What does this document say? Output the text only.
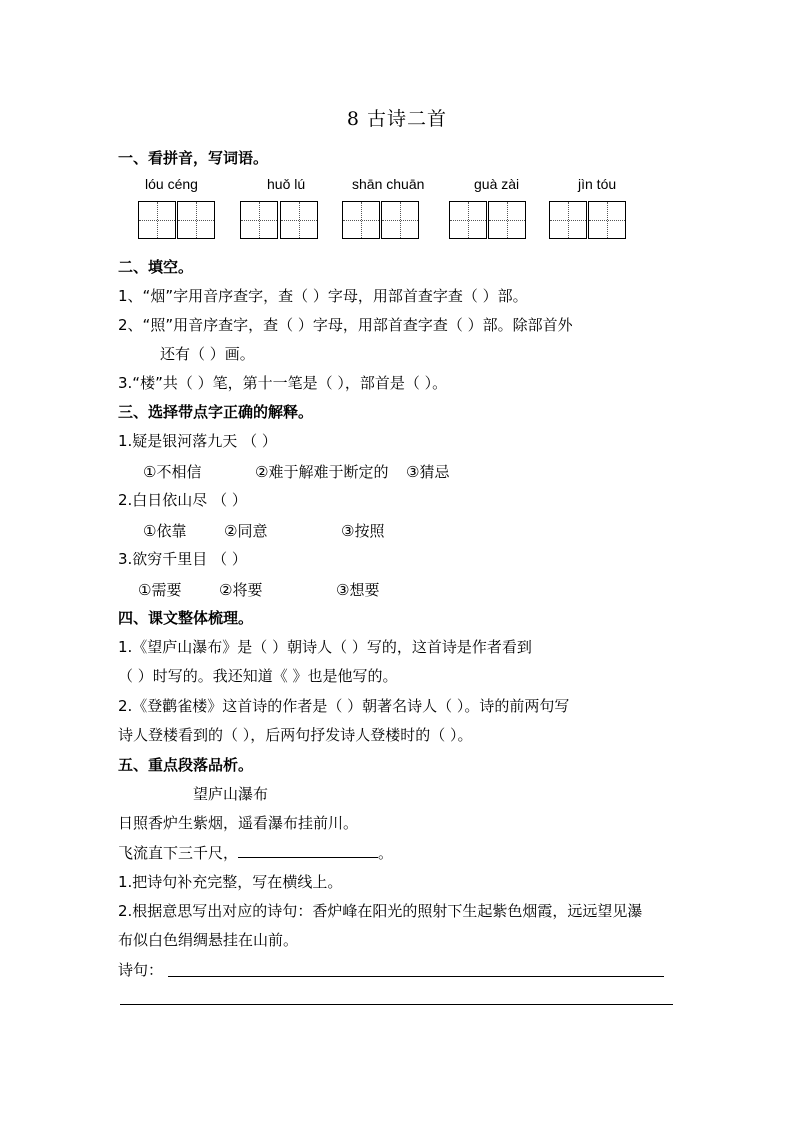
8 古诗二首
一、看拼音，写词语。
lóu céng	huǒ lú	shān chuān	guà zài	jìn tóu
二、填空。
1、“烟”字用音序查字，查（ ）字母，用部首查字查（ ）部。
2、“照”用音序查字，查（ ）字母，用部首查字查（ ）部。除部首外
还有（ ）画。
3.“楼”共（ ）笔，第十一笔是（ ），部首是（ ）。
三、选择带点字正确的解释。
1.疑是银河落九天 （ ）
①不相信	②难于解难于断定的 ③猜忌
2.白日依山尽 （ ）
①依靠	②同意	③按照
3.欲穷千里目 （ ）
①需要	②将要	③想要
四、课文整体梳理。
1.《望庐山瀑布》是（ ）朝诗人（ ）写的，这首诗是作者看到
（ ）时写的。我还知道《 》也是他写的。
2.《登鹳雀楼》这首诗的作者是（ ）朝著名诗人（ ）。诗的前两句写
诗人登楼看到的（ ），后两句抒发诗人登楼时的（ ）。
五、重点段落品析。
望庐山瀑布
日照香炉生紫烟，遥看瀑布挂前川。
飞流直下三千尺，	。
1.把诗句补充完整，写在横线上。
2.根据意思写出对应的诗句：香炉峰在阳光的照射下生起紫色烟霞，远远望见瀑
布似白色绢绸悬挂在山前。
诗句：
